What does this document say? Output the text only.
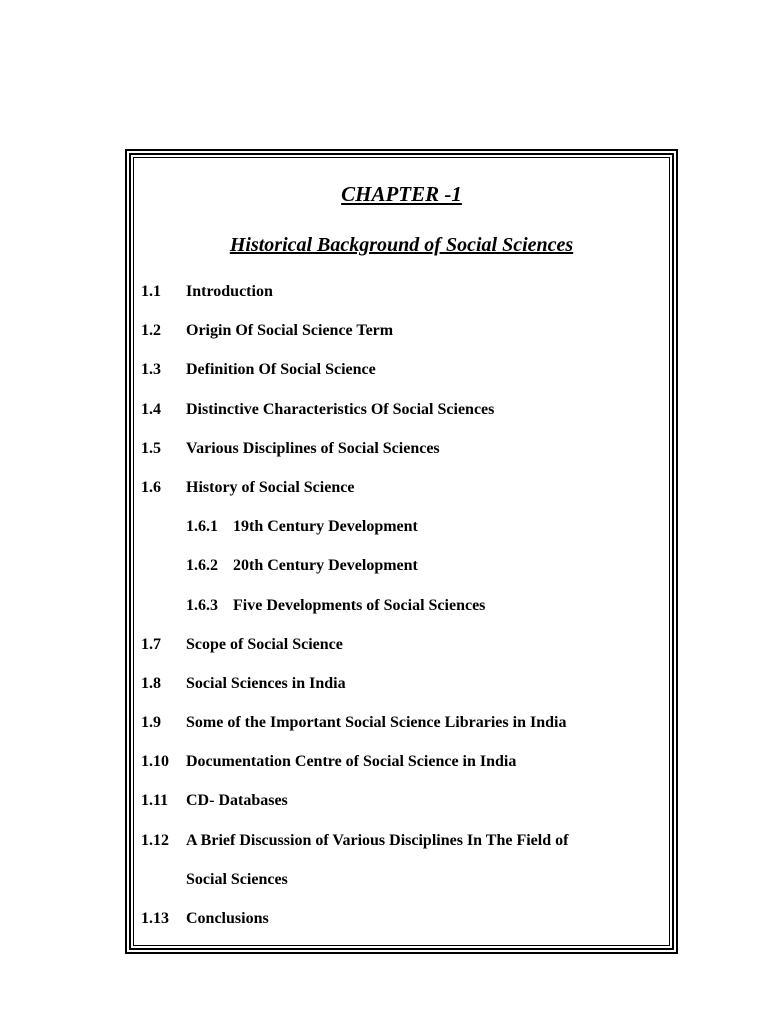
CHAPTER -1
Historical Background of Social Sciences
1.1 Introduction
1.2 Origin Of Social Science Term
1.3 Definition Of Social Science
1.4 Distinctive Characteristics Of Social Sciences
1.5 Various Disciplines of Social Sciences
1.6 History of Social Science
1.6.1 19th Century Development
1.6.2 20th Century Development
1.6.3 Five Developments of Social Sciences
1.7 Scope of Social Science
1.8 Social Sciences in India
1.9 Some of the Important Social Science Libraries in India
1.10 Documentation Centre of Social Science in India
1.11 CD- Databases
1.12 A Brief Discussion of Various Disciplines In The Field of
Social Sciences
1.13 Conclusions
